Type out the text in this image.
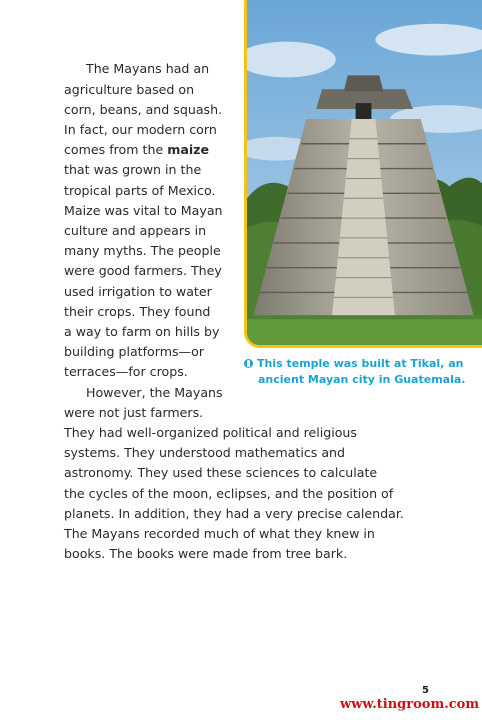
This temple was built at Tikal, an
ancient Mayan city in Guatemala.
The Mayans had an
agriculture based on
corn, beans, and squash.
In fact, our modern corn
comes from the maize
that was grown in the
tropical parts of Mexico.
Maize was vital to Mayan
culture and appears in
many myths. The people
were good farmers. They
used irrigation to water
their crops. They found
a way to farm on hills by
building platforms—or
terraces—for crops.
However, the Mayans
were not just farmers.
They had well-organized political and religious
systems. They understood mathematics and
astronomy. They used these sciences to calculate
the cycles of the moon, eclipses, and the position of
planets. In addition, they had a very precise calendar.
The Mayans recorded much of what they knew in
books. The books were made from tree bark.
5
www.tingroom.com
